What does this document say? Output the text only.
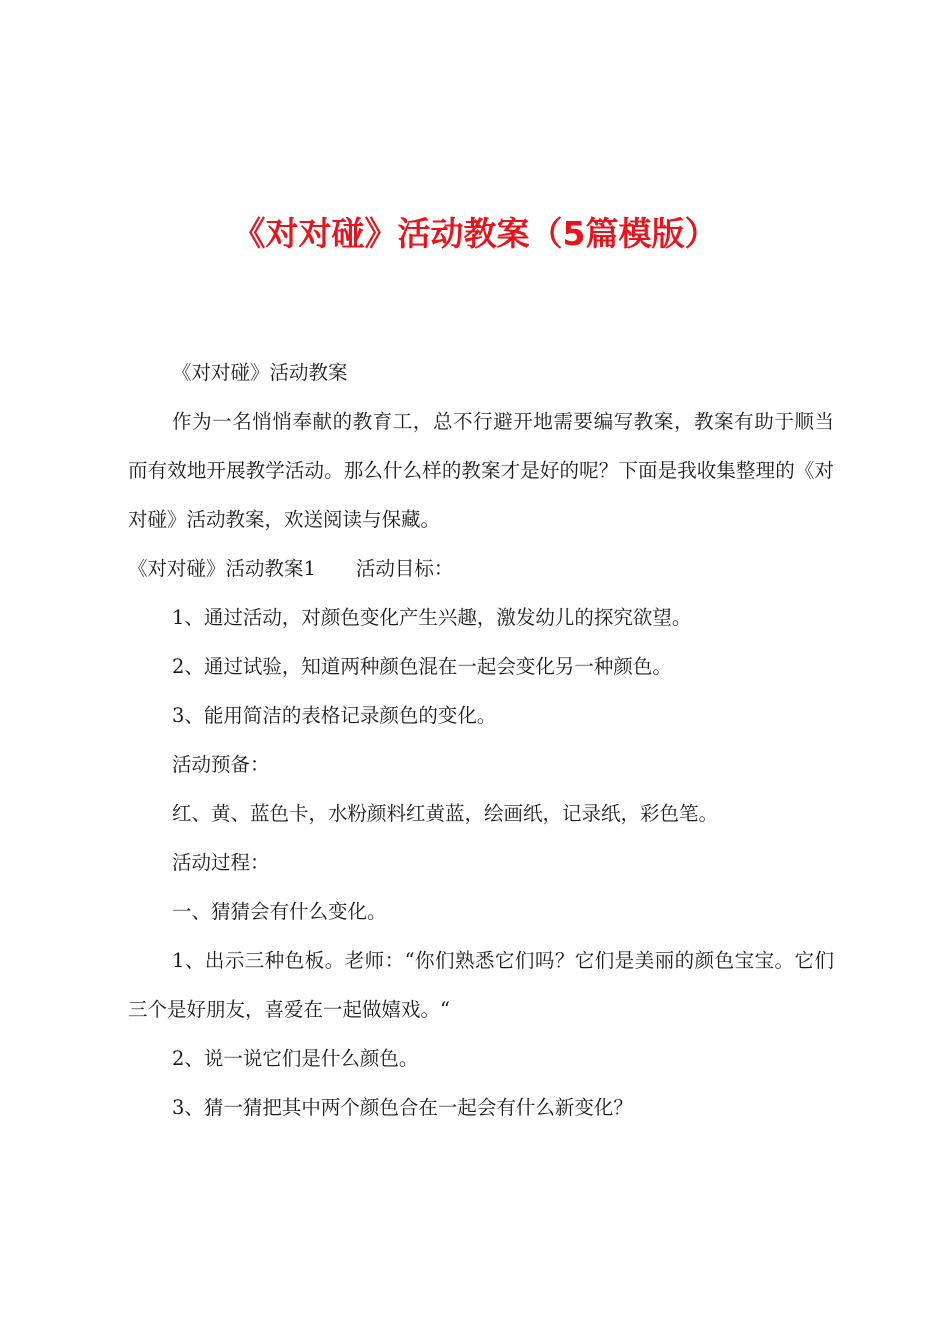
《对对碰》活动教案（5篇模版）

《对对碰》活动教案

作为一名悄悄奉献的教育工，总不行避开地需要编写教案，教案有助于顺当而有效地开展教学活动。那么什么样的教案才是好的呢？下面是我收集整理的《对对碰》活动教案，欢送阅读与保藏。

《对对碰》活动教案1 活动目标：

1、通过活动，对颜色变化产生兴趣，激发幼儿的探究欲望。

2、通过试验，知道两种颜色混在一起会变化另一种颜色。

3、能用简洁的表格记录颜色的变化。

活动预备：

红、黄、蓝色卡，水粉颜料红黄蓝，绘画纸，记录纸，彩色笔。

活动过程：

一、猜猜会有什么变化。

1、出示三种色板。老师：“你们熟悉它们吗？它们是美丽的颜色宝宝。它们三个是好朋友，喜爱在一起做嬉戏。“

2、说一说它们是什么颜色。

3、猜一猜把其中两个颜色合在一起会有什么新变化？
